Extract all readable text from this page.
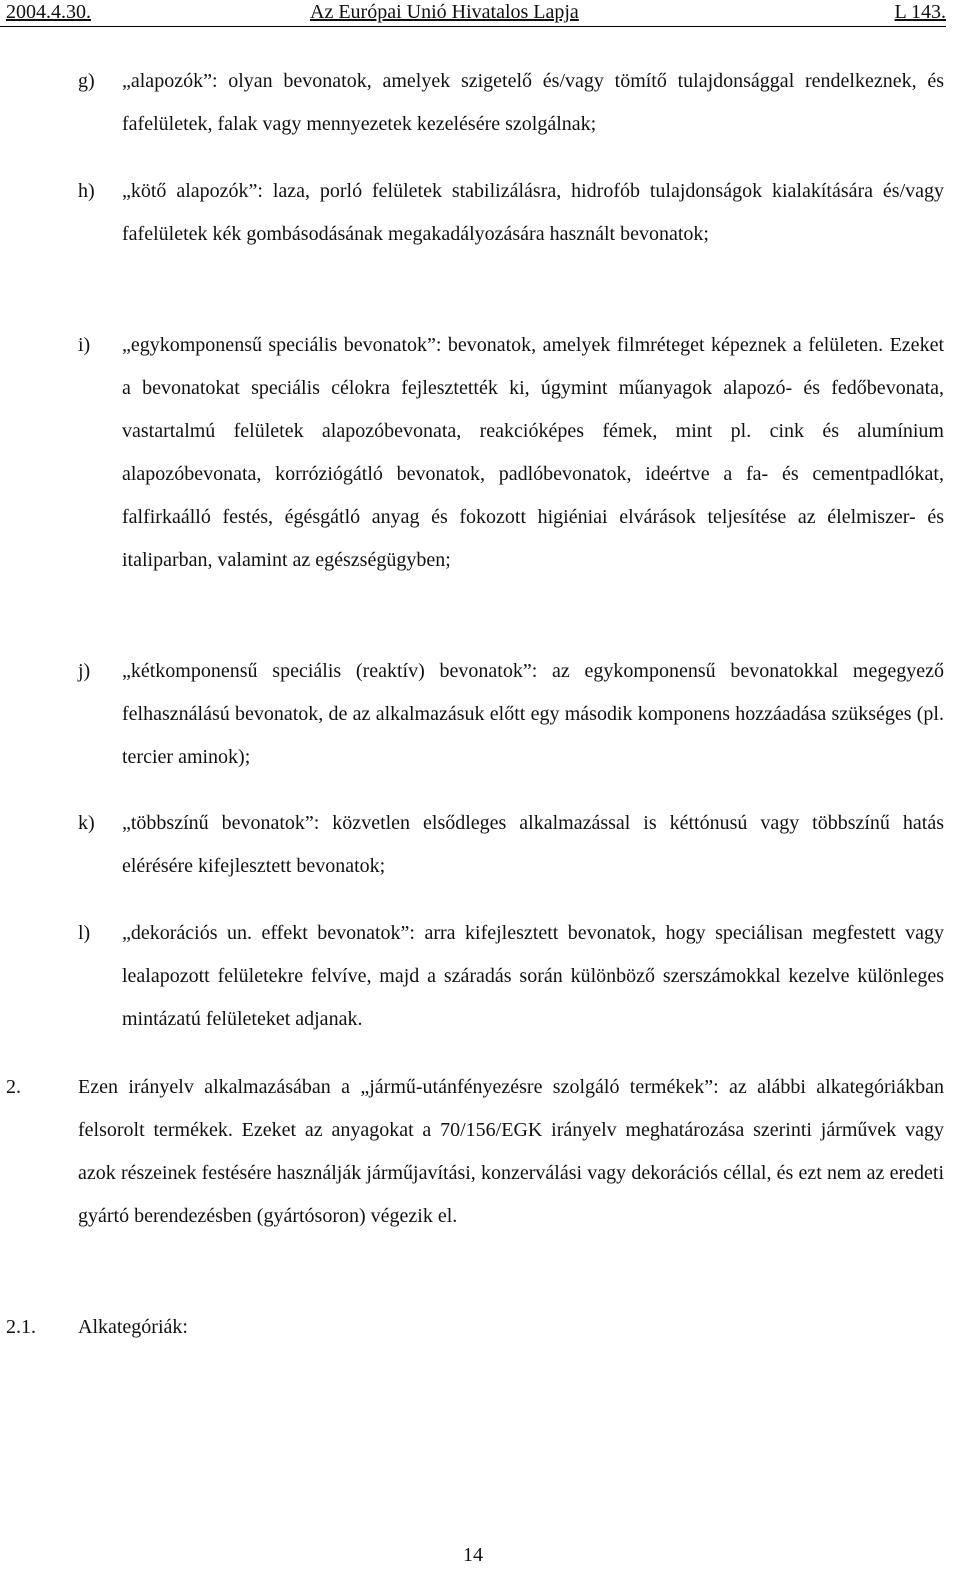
2004.4.30.	Az Európai Unió Hivatalos Lapja	L 143.
g) „alapozók”: olyan bevonatok, amelyek szigetelő és/vagy tömítő tulajdonsággal rendelkeznek, és fafelületek, falak vagy mennyezetek kezelésére szolgálnak;
h) „kötő alapozók”: laza, porló felületek stabilizálásra, hidrofób tulajdonságok kialakítására és/vagy fafelületek kék gombásodásának megakadályozására használt bevonatok;
i) „egykomponensű speciális bevonatok”: bevonatok, amelyek filmréteget képeznek a felületen. Ezeket a bevonatokat speciális célokra fejlesztették ki, úgymint műanyagok alapozó- és fedőbevonata, vastartalmú felületek alapozóbevonata, reakcióképes fémek, mint pl. cink és alumínium alapozóbevonata, korróziógátló bevonatok, padlóbevonatok, ideértve a fa- és cementpadlókat, falfirkaálló festés, égésgátló anyag és fokozott higiéniai elvárások teljesítése az élelmiszer- és italiparban, valamint az egészségügyben;
j) „kétkomponensű speciális (reaktív) bevonatok”: az egykomponensű bevonatokkal megegyező felhasználású bevonatok, de az alkalmazásuk előtt egy második komponens hozzáadása szükséges (pl. tercier aminok);
k) „többszínű bevonatok”: közvetlen elsődleges alkalmazással is kéttónusú vagy többszínű hatás elérésére kifejlesztett bevonatok;
l) „dekorációs un. effekt bevonatok”: arra kifejlesztett bevonatok, hogy speciálisan megfestett vagy lealapozott felületekre felvíve, majd a száradás során különböző szerszámokkal kezelve különleges mintázatú felületeket adjanak.
2.	Ezen irányelv alkalmazásában a „jármű-utánfényezésre szolgáló termékek”: az alábbi alkategóriákban felsorolt termékek. Ezeket az anyagokat a 70/156/EGK irányelv meghatározása szerinti járművek vagy azok részeinek festésére használják járműjavítási, konzerválási vagy dekorációs céllal, és ezt nem az eredeti gyártó berendezésben (gyártósoron) végezik el.
2.1. Alkategóriák:
14
